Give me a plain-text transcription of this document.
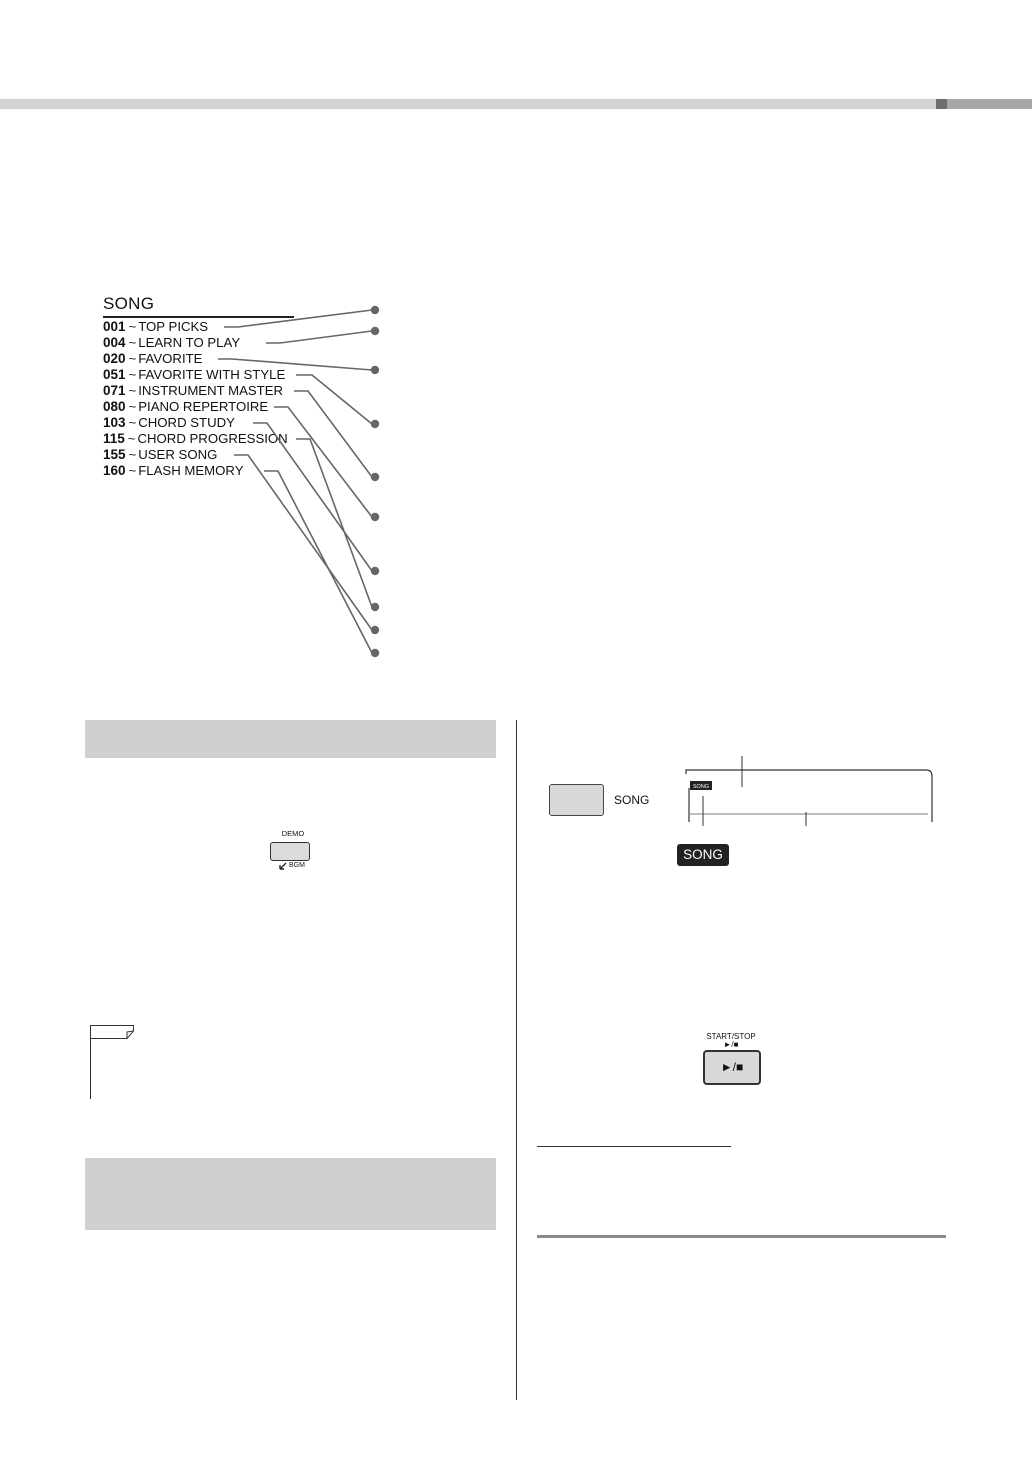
SONG
001 ~ TOP PICKS
004 ~ LEARN TO PLAY
020 ~ FAVORITE
051 ~ FAVORITE WITH STYLE
071 ~ INSTRUMENT MASTER
080 ~ PIANO REPERTOIRE
103 ~ CHORD STUDY
115 ~ CHORD PROGRESSION
155 ~ USER SONG
160 ~ FLASH MEMORY
DEMO
BGM
SONG
SONG
SONG
START/STOP
►/■
►/■
